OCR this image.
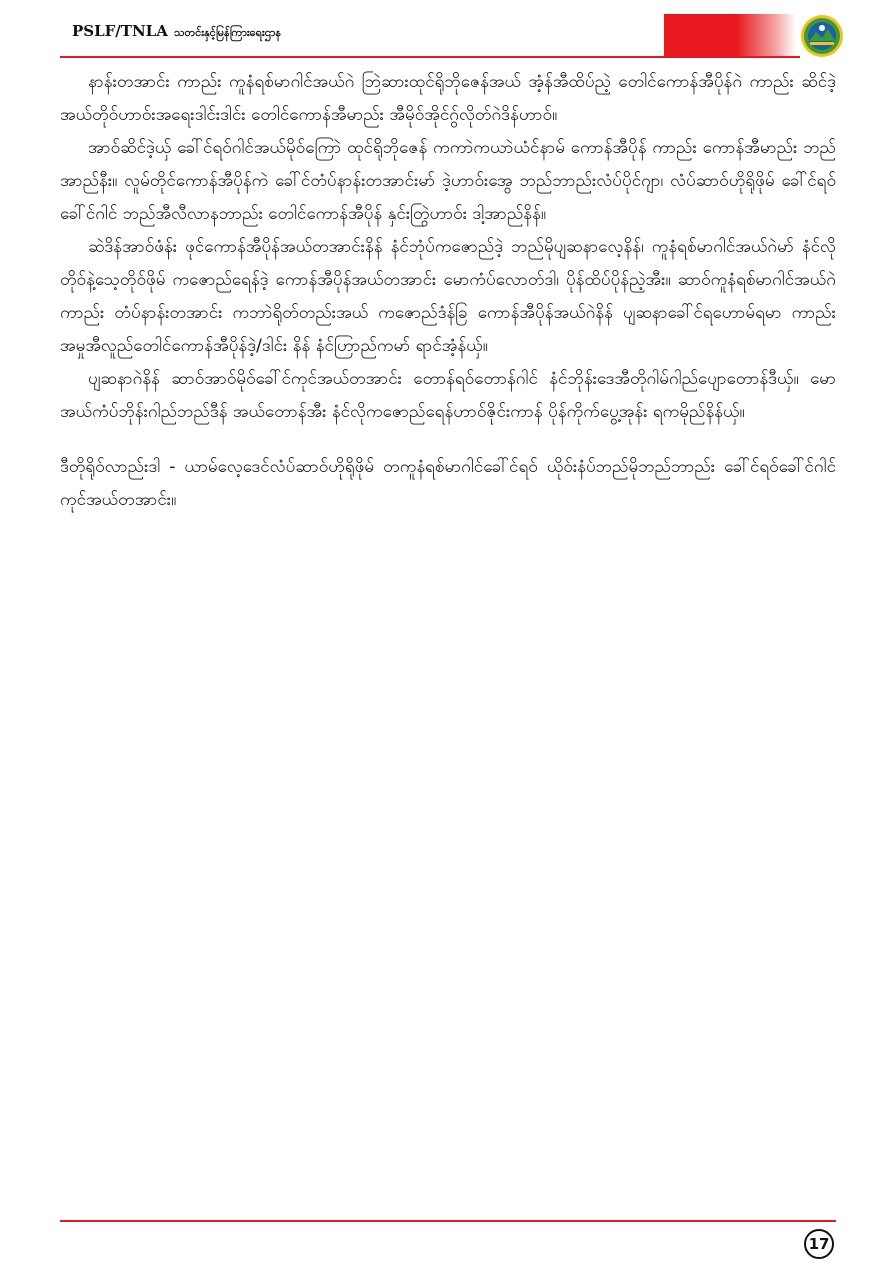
PSLF/TNLA သတင်းနှင့်မြန်ကြားရေးဌာန

နာန်းတအာင်း ကာည်း ကူနံရစ်မာဂါင်အယ်ဂဲ ဘြဲဆားထုင်ရိုဘိုဇေန်အယ် အံ့န်အီထိပ်ညဲ့ တေါင်ကောန်အီပိုန်ဂဲ ကာည်း ဆိင်ဒဲ့အယ်တိုဝ်ဟာဝ်းအရေးဒါင်းဒါင်း တေါင်ကောန်အီမာည်း အီမိုဝ်အိုင်ဂွ်လိုတ်ဂဲဒိန်ဟာဝ်။

အာဝ်ဆိင်ဒဲ့ယှ် ခေါ်င်ရဝ်ဂါင်အယ်မိုဝ်ကြောဲ ထုင်ရိုဘိုဇေန် ကကာဲကယာဲယံင်နာမ် ကောန်အီပိုန် ကာည်း ကောန်အီမာည်း ဘည်အာည်နီး။ လူမ်တိုင်ကောန်အီပိုန်ကဲ ခေါ်င်တံပ်နာန်းတအာင်းမာ် ဒဲ့ဟာဝ်းအွေ ဘည်ဘာည်းလံပ်ပိုင်ဂျာ၊ လံပ်ဆာဝ်ဟိုရိုဖိုမ် ခေါ်င်ရဝ်ခေါ်င်ဂါင် ဘည်အီလီလာနဘာည်း တေါင်ကောန်အီပိုန် နှင်းတြွဲဟာဝ်း ဒါ့အာည်နိန်။

ဆဲဒိန်အာဝ်ဖံန်း ဖုင်ကောန်အီပိုန်အယ်တအာင်းနိန် နံင်ဘုံပ်ကဇောည်ဒဲ့ ဘည်မိုပျဆနာလေ့နိန်၊ ကူနံရစ်မာဂါင်အယ်ဂဲမာ် နံင်လိုတိုဝ်နဲ့သေ့တိုဝ်ဖိုမ် ကဇောည်ရေန်ဒဲ့ ကောန်အီပိုန်အယ်တအာင်း မောကံပ်လောတ်ဒါ၊ ပိုန်ထိပ်ပိုန်ညဲ့အီး။ ဆာဝ်ကူနံရစ်မာဂါင်အယ်ဂဲ ကာည်း တံပ်နာန်းတအာင်း ကဘာဲရိုတ်တည်းအယ် ကဇောည်ဒံန်ခြ ကောန်အီပိုန်အယ်ဂဲနိန် ပျဆနာခေါ်င်ရဟောမ်ရမာ ကာည်း အမှုအီလူည်တေါင်ကောန်အီပိုန်ဒဲ့/ဒါင်း နိန် နံင်ဟြာည်ကမာ် ရာင်အံ့န်ယှ်။

ပျဆနာဂဲနိန် ဆာဝ်အာဝ်မိုဝ်ခေါ်င်ကုင်အယ်တအာင်း တောန်ရဝ်တောန်ဂါင် နံင်ဘိုန်းဒေအီတိုဂါမ်ဂါည်ပျောတောန်ဒီယှ်။ မောအယ်ကံပ်ဘိုန်းဂါည်ဘည်ဒီန် အယ်တောန်အီး နံင်လိုကဇောည်ရေန်ဟာဝ်ဇိုင်းကာန် ပိုန်ကိုက်ပွေ့အုန်း ရကမိုည်နိန်ယှ်။

ဒီတိုရိုဝ်လာည်းဒါ - ယာမ်လေ့ဒေင်လံပ်ဆာဝ်ဟိုရိုဖိုမ် တကူနံရစ်မာဂါင်ခေါ်င်ရဝ် ယိုဝ်းနံပ်ဘည်မိုဘည်ဘာည်း ခေါ်င်ရဝ်ခေါ်င်ဂါင် ကုင်အယ်တအာင်း။

17
